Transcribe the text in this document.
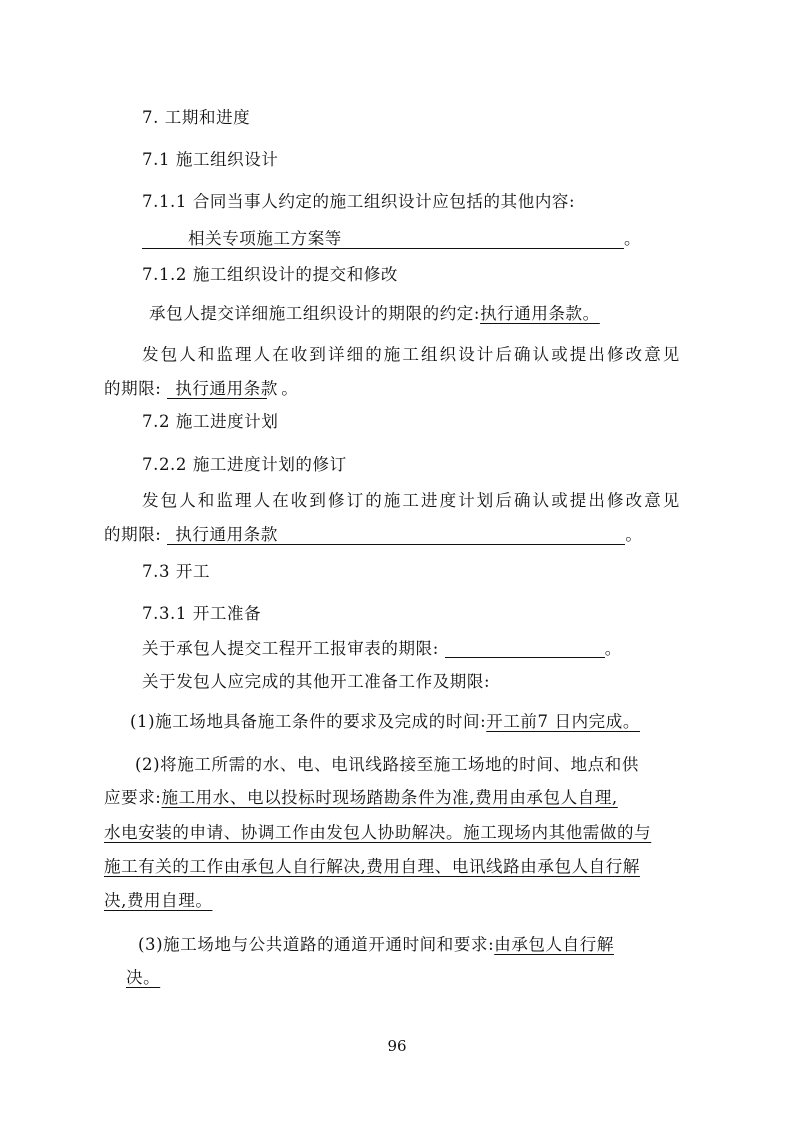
7. 工期和进度
7.1 施工组织设计
7.1.1 合同当事人约定的施工组织设计应包括的其他内容:
相关专项施工方案等	。
7.1.2 施工组织设计的提交和修改
承包人提交详细施工组织设计的期限的约定:执行通用条款。
发包人和监理人在收到详细的施工组织设计后确认或提出修改意见
的期限: 执行通用条款 。
7.2 施工进度计划
7.2.2 施工进度计划的修订
发包人和监理人在收到修订的施工进度计划后确认或提出修改意见
的期限: 执行通用条款	。
7.3 开工
7.3.1 开工准备
关于承包人提交工程开工报审表的期限:	。
关于发包人应完成的其他开工准备工作及期限:
(1)施工场地具备施工条件的要求及完成的时间:开工前7 日内完成。
(2)将施工所需的水、电、电讯线路接至施工场地的时间、地点和供
应要求:施工用水、电以投标时现场踏勘条件为准,费用由承包人自理,
水电安装的申请、协调工作由发包人协助解决。施工现场内其他需做的与
施工有关的工作由承包人自行解决,费用自理、电讯线路由承包人自行解
决,费用自理。
(3)施工场地与公共道路的通道开通时间和要求:由承包人自行解
决。
96
